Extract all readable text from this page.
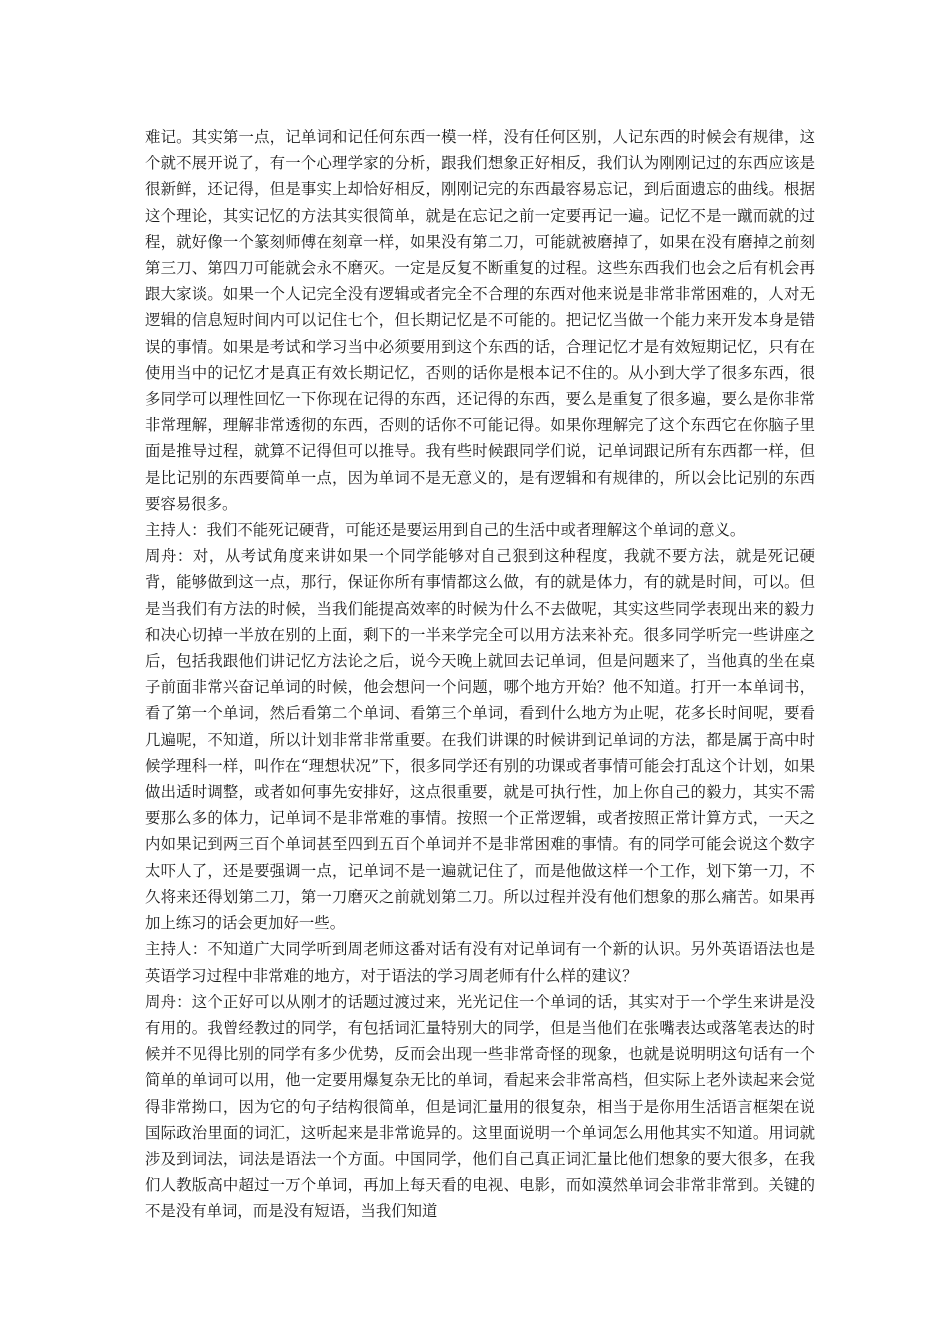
难记。其实第一点，记单词和记任何东西一模一样，没有任何区别，人记东西的时候会有规律，这个就不展开说了，有一个心理学家的分析，跟我们想象正好相反，我们认为刚刚记过的东西应该是很新鲜，还记得，但是事实上却恰好相反，刚刚记完的东西最容易忘记，到后面遗忘的曲线。根据这个理论，其实记忆的方法其实很简单，就是在忘记之前一定要再记一遍。记忆不是一蹴而就的过程，就好像一个篆刻师傅在刻章一样，如果没有第二刀，可能就被磨掉了，如果在没有磨掉之前刻第三刀、第四刀可能就会永不磨灭。一定是反复不断重复的过程。这些东西我们也会之后有机会再跟大家谈。如果一个人记完全没有逻辑或者完全不合理的东西对他来说是非常非常困难的，人对无逻辑的信息短时间内可以记住七个，但长期记忆是不可能的。把记忆当做一个能力来开发本身是错误的事情。如果是考试和学习当中必须要用到这个东西的话，合理记忆才是有效短期记忆，只有在使用当中的记忆才是真正有效长期记忆，否则的话你是根本记不住的。从小到大学了很多东西，很多同学可以理性回忆一下你现在记得的东西，还记得的东西，要么是重复了很多遍，要么是你非常非常理解，理解非常透彻的东西，否则的话你不可能记得。如果你理解完了这个东西它在你脑子里面是推导过程，就算不记得但可以推导。我有些时候跟同学们说，记单词跟记所有东西都一样，但是比记别的东西要简单一点，因为单词不是无意义的，是有逻辑和有规律的，所以会比记别的东西要容易很多。

主持人：我们不能死记硬背，可能还是要运用到自己的生活中或者理解这个单词的意义。

周舟：对，从考试角度来讲如果一个同学能够对自己狠到这种程度，我就不要方法，就是死记硬背，能够做到这一点，那行，保证你所有事情都这么做，有的就是体力，有的就是时间，可以。但是当我们有方法的时候，当我们能提高效率的时候为什么不去做呢，其实这些同学表现出来的毅力和决心切掉一半放在别的上面，剩下的一半来学完全可以用方法来补充。很多同学听完一些讲座之后，包括我跟他们讲记忆方法论之后，说今天晚上就回去记单词，但是问题来了，当他真的坐在桌子前面非常兴奋记单词的时候，他会想问一个问题，哪个地方开始？他不知道。打开一本单词书，看了第一个单词，然后看第二个单词、看第三个单词，看到什么地方为止呢，花多长时间呢，要看几遍呢，不知道，所以计划非常非常重要。在我们讲课的时候讲到记单词的方法，都是属于高中时候学理科一样，叫作在“理想状况”下，很多同学还有别的功课或者事情可能会打乱这个计划，如果做出适时调整，或者如何事先安排好，这点很重要，就是可执行性，加上你自己的毅力，其实不需要那么多的体力，记单词不是非常难的事情。按照一个正常逻辑，或者按照正常计算方式，一天之内如果记到两三百个单词甚至四到五百个单词并不是非常困难的事情。有的同学可能会说这个数字太吓人了，还是要强调一点，记单词不是一遍就记住了，而是他做这样一个工作，划下第一刀，不久将来还得划第二刀，第一刀磨灭之前就划第二刀。所以过程并没有他们想象的那么痛苦。如果再加上练习的话会更加好一些。

主持人：不知道广大同学听到周老师这番对话有没有对记单词有一个新的认识。另外英语语法也是英语学习过程中非常难的地方，对于语法的学习周老师有什么样的建议？

周舟：这个正好可以从刚才的话题过渡过来，光光记住一个单词的话，其实对于一个学生来讲是没有用的。我曾经教过的同学，有包括词汇量特别大的同学，但是当他们在张嘴表达或落笔表达的时候并不见得比别的同学有多少优势，反而会出现一些非常奇怪的现象，也就是说明明这句话有一个简单的单词可以用，他一定要用爆复杂无比的单词，看起来会非常高档，但实际上老外读起来会觉得非常拗口，因为它的句子结构很简单，但是词汇量用的很复杂，相当于是你用生活语言框架在说国际政治里面的词汇，这听起来是非常诡异的。这里面说明一个单词怎么用他其实不知道。用词就涉及到词法，词法是语法一个方面。中国同学，他们自己真正词汇量比他们想象的要大很多，在我们人教版高中超过一万个单词，再加上每天看的电视、电影，而如漠然单词会非常非常到。关键的不是没有单词，而是没有短语，当我们知道
